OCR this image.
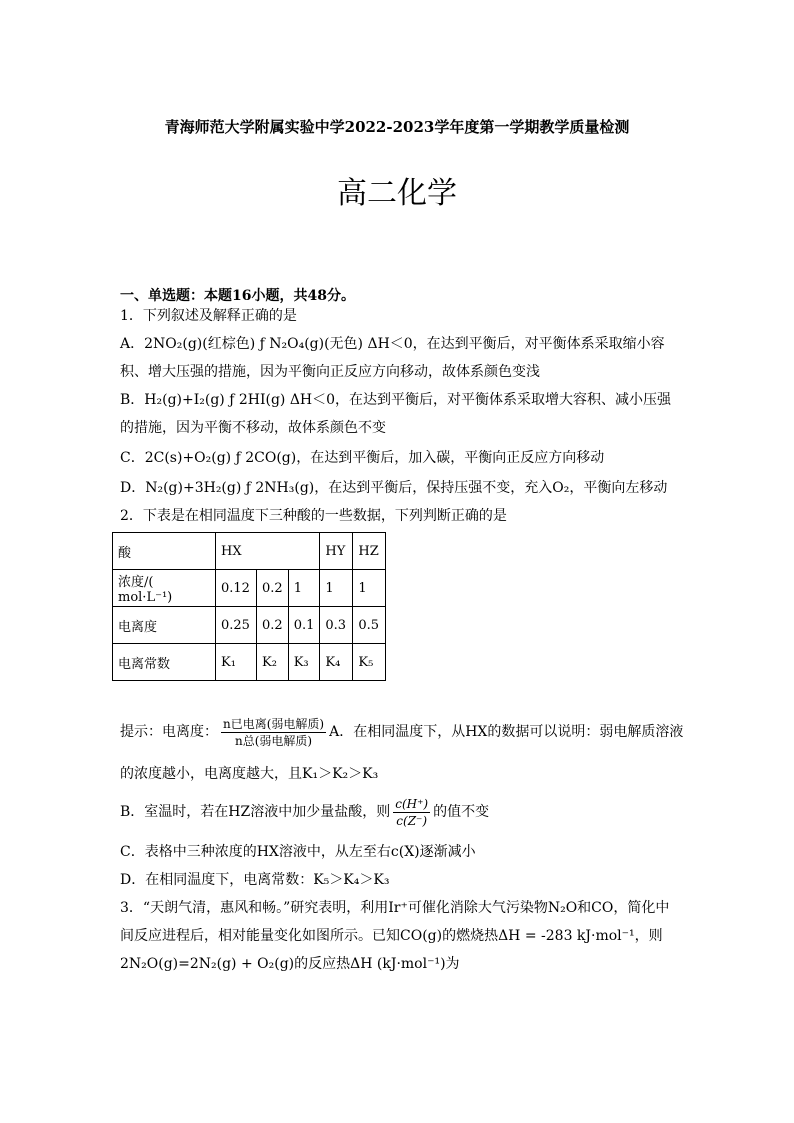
青海师范大学附属实验中学2022-2023学年度第一学期教学质量检测
高二化学
一、单选题：本题16小题，共48分。
1．下列叙述及解释正确的是
A．2NO₂(g)(红棕色) ƒ N₂O₄(g)(无色) ΔH＜0，在达到平衡后，对平衡体系采取缩小容
积、增大压强的措施，因为平衡向正反应方向移动，故体系颜色变浅
B．H₂(g)+I₂(g) ƒ 2HI(g) ΔH＜0，在达到平衡后，对平衡体系采取增大容积、减小压强
的措施，因为平衡不移动，故体系颜色不变
C．2C(s)+O₂(g) ƒ 2CO(g)，在达到平衡后，加入碳，平衡向正反应方向移动
D．N₂(g)+3H₂(g) ƒ 2NH₃(g)，在达到平衡后，保持压强不变，充入O₂，平衡向左移动
2．下表是在相同温度下三种酸的一些数据，下列判断正确的是
酸	HX			HY	HZ
浓度/( mol·L⁻¹)	0.12	0.2	1	1	1
电离度	0.25	0.2	0.1	0.3	0.5
电离常数	K₁	K₂	K₃	K₄	K₅
提示：电离度： $\frac{\text{n已电离(弱电解质)}}{\text{n总(弱电解质)}}$ A．在相同温度下，从HX的数据可以说明：弱电解质溶液
的浓度越小，电离度越大，且K₁＞K₂＞K₃
B．室温时，若在HZ溶液中加少量盐酸，则 $\frac{c(H^+)}{c(Z^-)}$ 的值不变
C．表格中三种浓度的HX溶液中，从左至右c(X)逐渐减小
D．在相同温度下，电离常数：K₅＞K₄＞K₃
3．“天朗气清，惠风和畅。”研究表明，利用Ir⁺可催化消除大气污染物N₂O和CO，简化中
间反应进程后，相对能量变化如图所示。已知CO(g)的燃烧热ΔH = -283 kJ·mol⁻¹，则
2N₂O(g)=2N₂(g) + O₂(g)的反应热ΔH (kJ·mol⁻¹)为
